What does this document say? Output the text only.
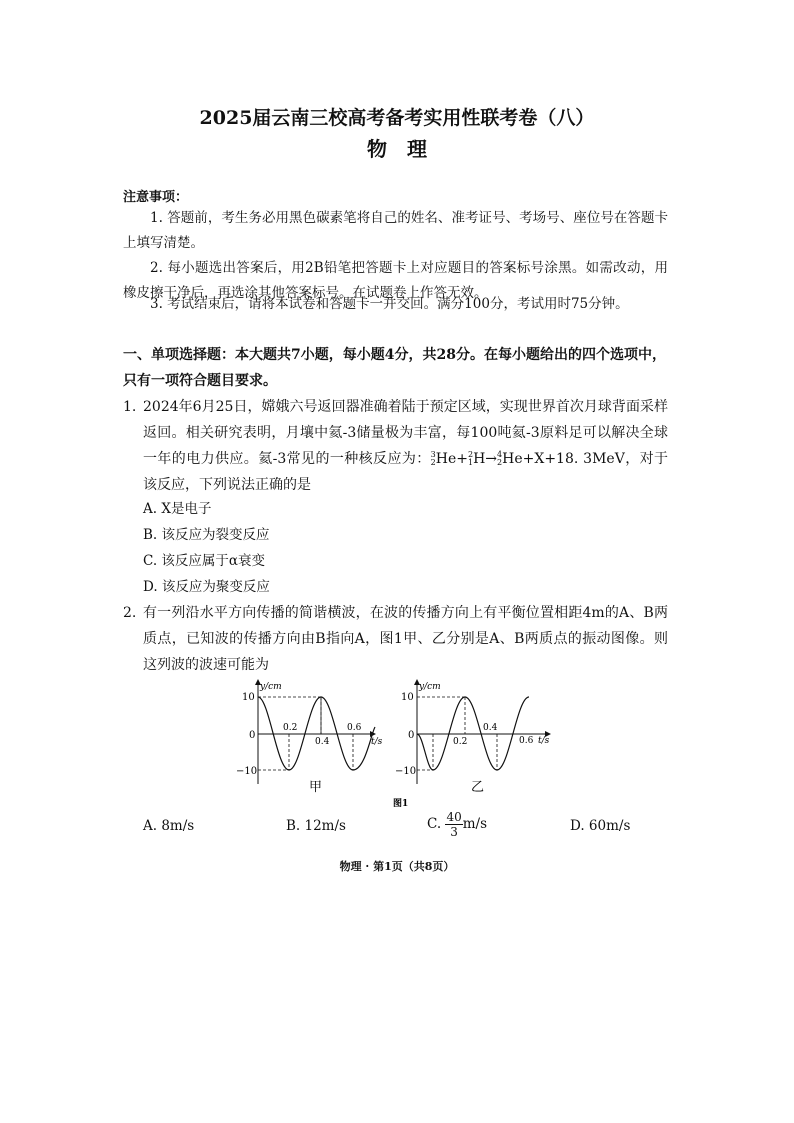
2025届云南三校高考备考实用性联考卷（八）
物理
注意事项：
1. 答题前，考生务必用黑色碳素笔将自己的姓名、准考证号、考场号、座位号在答题卡上填写清楚。
2. 每小题选出答案后，用2B铅笔把答题卡上对应题目的答案标号涂黑。如需改动，用橡皮擦干净后，再选涂其他答案标号。在试题卷上作答无效。
3. 考试结束后，请将本试卷和答题卡一并交回。满分100分，考试用时75分钟。
一、单项选择题：本大题共7小题，每小题4分，共28分。在每小题给出的四个选项中，只有一项符合题目要求。
1. 2024年6月25日，嫦娥六号返回器准确着陆于预定区域，实现世界首次月球背面采样返回。相关研究表明，月壤中氦-3储量极为丰富，每100吨氦-3原料足可以解决全球一年的电力供应。氦-3常见的一种核反应为： 3
2 He+ 2
1 H→ 4
2 He+X+18. 3MeV，对于该反应，下列说法正确的是
A. X是电子
B. 该反应为裂变反应
C. 该反应属于α衰变
D. 该反应为聚变反应
2. 有一列沿水平方向传播的简谐横波，在波的传播方向上有平衡位置相距4m的A、B两质点，已知波的传播方向由B指向A，图1甲、乙分别是A、B两质点的振动图像。则这列波的波速可能为
y/cm
t/s
10
0
−10
0.2
0.4
0.6
甲
y/cm
t/s
10
0
−10
0.2
0.4
0.6
乙
图1
A. 8m/s	B. 12m/s	C. $\frac{40}{3} m/s$	D. 60m/s
物理 · 第1页（共8页）
